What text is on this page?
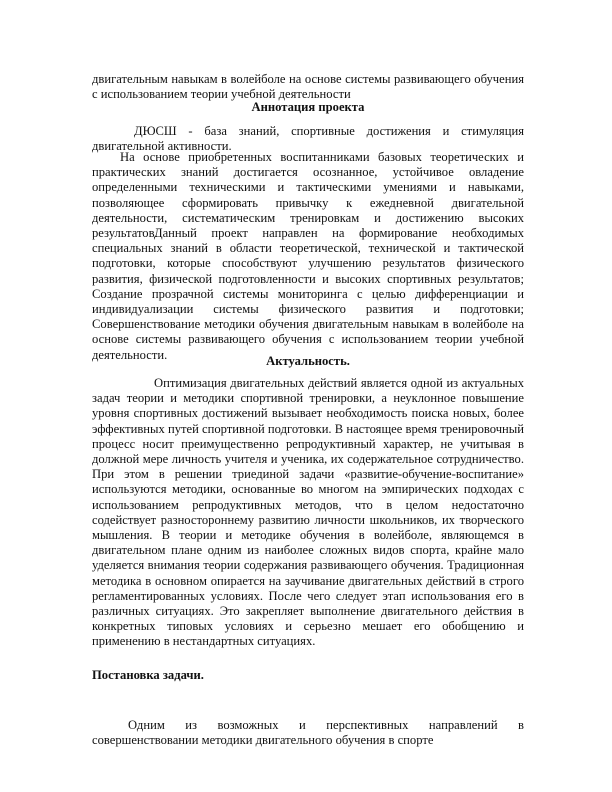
двигательным навыкам в волейболе на основе системы развивающего обучения с использованием теории учебной деятельности

Аннотация проекта

ДЮСШ - база знаний, спортивные достижения и стимуляция двигательной активности.

На основе приобретенных воспитанниками базовых теоретических и практических знаний достигается осознанное, устойчивое овладение определенными техническими и тактическими умениями и навыками, позволяющее сформировать привычку к ежедневной двигательной деятельности, систематическим тренировкам и достижению высоких результатов.

Данный проект направлен на формирование необходимых специальных знаний в области теоретической, технической и тактической подготовки, которые способствуют улучшению результатов физического развития, физической подготовленности и высоких спортивных результатов; Создание прозрачной системы мониторинга с целью дифференциации и индивидуализации системы физического развития и подготовки; Совершенствование методики обучения двигательным навыкам в волейболе на основе системы развивающего обучения с использованием теории учебной деятельности.	Актуальность.

Оптимизация двигательных действий является одной из актуальных задач теории и методики спортивной тренировки, а неуклонное повышение уровня спортивных достижений вызывает необходимость поиска новых, более эффективных путей спортивной подготовки. В настоящее время тренировочный процесс носит преимущественно репродуктивный характер, не учитывая в должной мере личность учителя и ученика, их содержательное сотрудничество. При этом в решении триединой задачи «развитие-обучение-воспитание» используются методики, основанные во многом на эмпирических подходах с использованием репродуктивных методов, что в целом недостаточно содействует разностороннему развитию личности школьников, их творческого мышления. В теории и методике обучения в волейболе, являющемся в двигательном плане одним из наиболее сложных видов спорта, крайне мало уделяется внимания теории содержания развивающего обучения. Традиционная методика в основном опирается на заучивание двигательных действий в строго регламентированных условиях. После чего следует этап использования его в различных ситуациях. Это закрепляет выполнение двигательного действия в конкретных типовых условиях и серьезно мешает его обобщению и применению в нестандартных ситуациях.

Постановка задачи.

Одним из возможных и перспективных направлений в совершенствовании методики двигательного обучения в спорте
